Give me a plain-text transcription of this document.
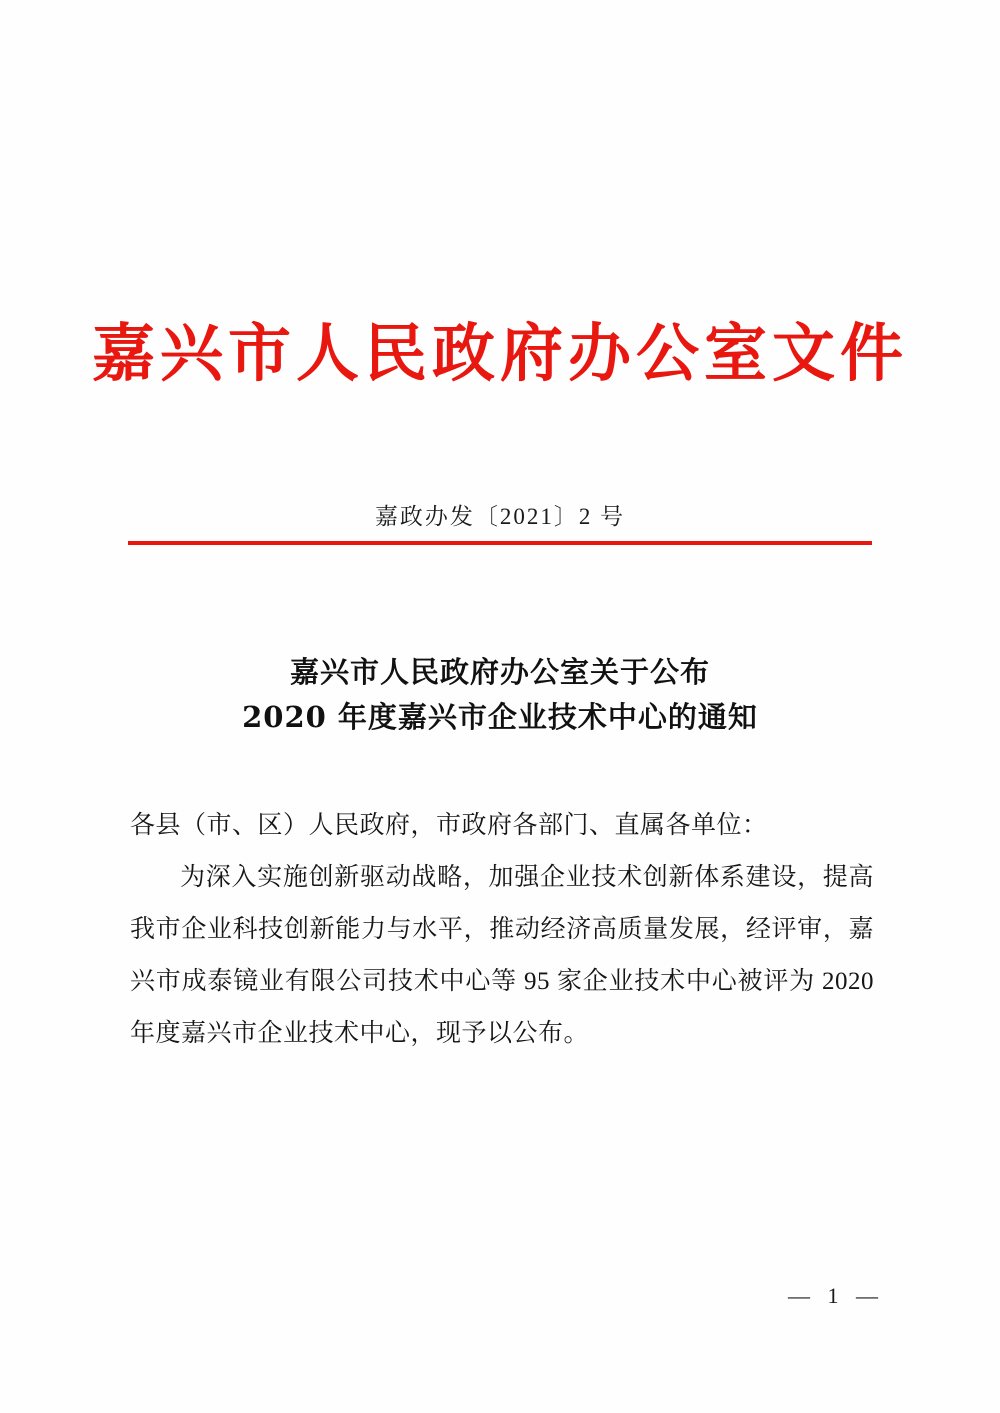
嘉兴市人民政府办公室文件
嘉政办发〔2021〕2 号
嘉兴市人民政府办公室关于公布
2020 年度嘉兴市企业技术中心的通知
各县（市、区）人民政府，市政府各部门、直属各单位：
为深入实施创新驱动战略，加强企业技术创新体系建设，提高我市企业科技创新能力与水平，推动经济高质量发展，经评审，嘉兴市成泰镜业有限公司技术中心等 95 家企业技术中心被评为 2020 年度嘉兴市企业技术中心，现予以公布。
— 1 —
